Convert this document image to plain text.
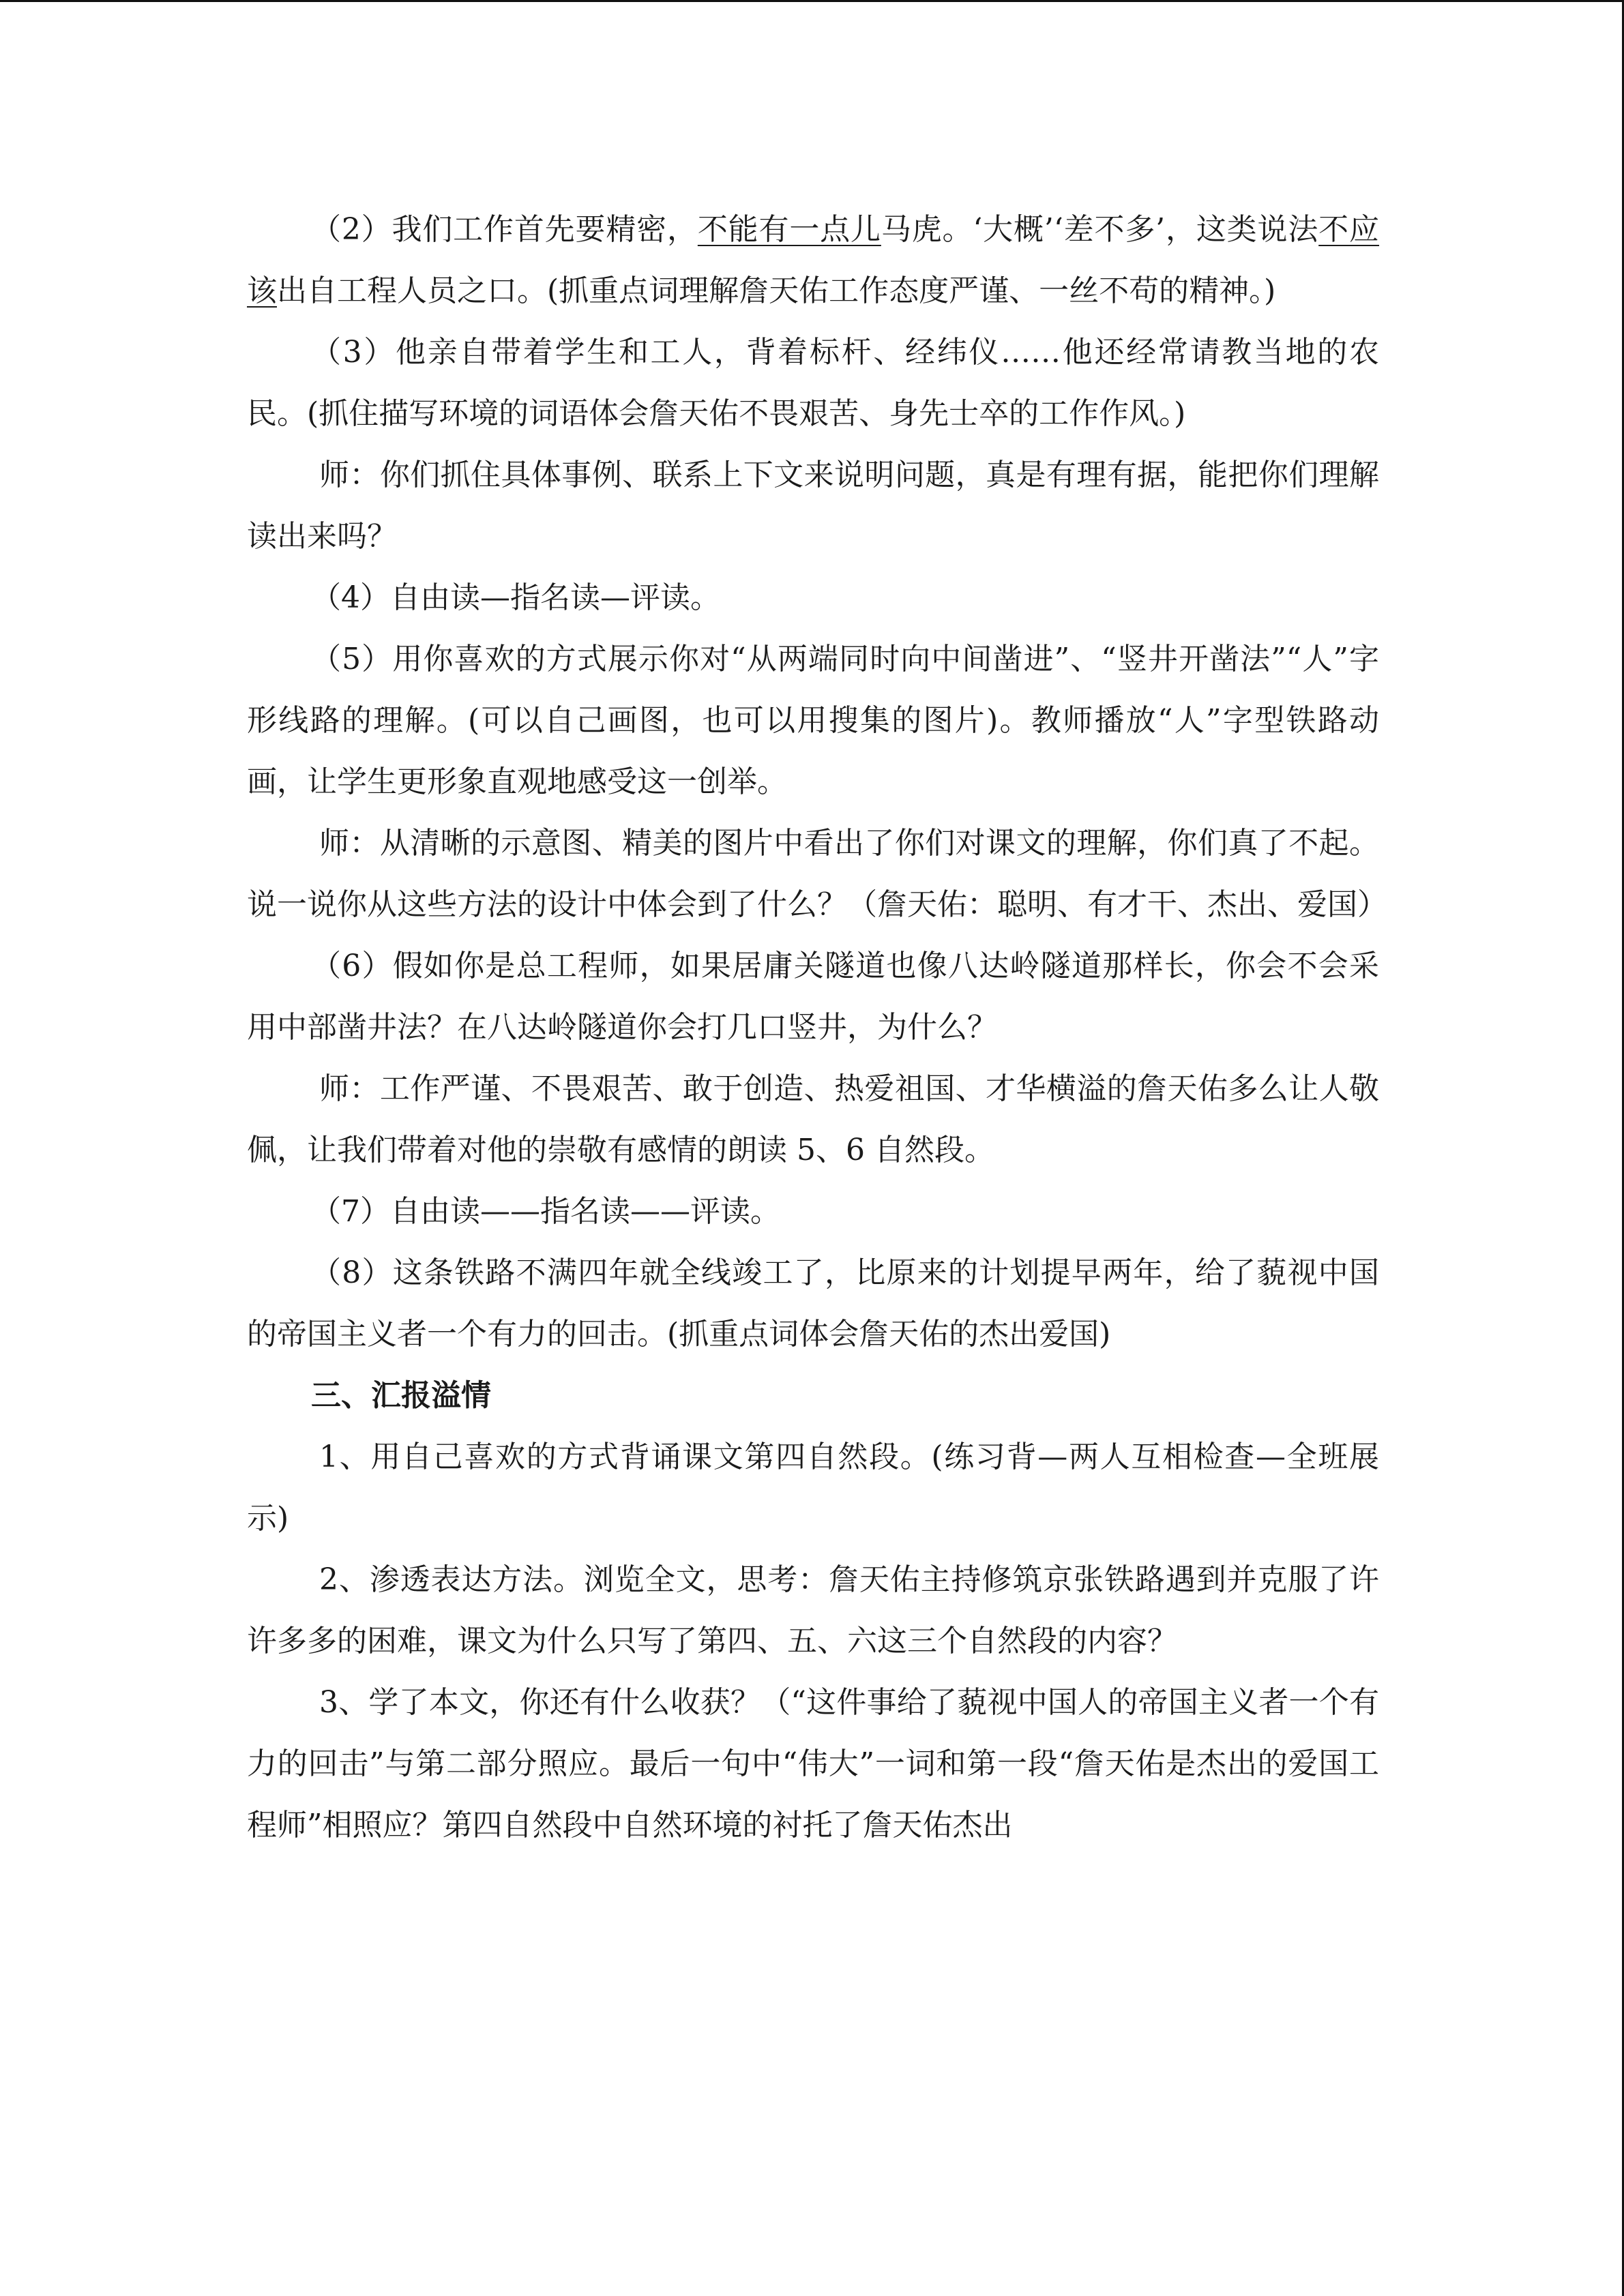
（2）我们工作首先要精密，不能有一点儿马虎。‘大概’‘差不多’，这类说法不应该出自工程人员之口。(抓重点词理解詹天佑工作态度严谨、一丝不苟的精神。)

（3）他亲自带着学生和工人，背着标杆、经纬仪……他还经常请教当地的农民。(抓住描写环境的词语体会詹天佑不畏艰苦、身先士卒的工作作风。)

师：你们抓住具体事例、联系上下文来说明问题，真是有理有据，能把你们理解读出来吗？

（4）自由读—指名读—评读。

（5）用你喜欢的方式展示你对“从两端同时向中间凿进”、“竖井开凿法”“人”字形线路的理解。(可以自己画图，也可以用搜集的图片)。教师播放“人”字型铁路动画，让学生更形象直观地感受这一创举。

师：从清晰的示意图、精美的图片中看出了你们对课文的理解，你们真了不起。说一说你从这些方法的设计中体会到了什么？（詹天佑：聪明、有才干、杰出、爱国）

（6）假如你是总工程师，如果居庸关隧道也像八达岭隧道那样长，你会不会采用中部凿井法？在八达岭隧道你会打几口竖井，为什么？

师：工作严谨、不畏艰苦、敢于创造、热爱祖国、才华横溢的詹天佑多么让人敬佩，让我们带着对他的崇敬有感情的朗读 5、6 自然段。

（7）自由读——指名读——评读。

（8）这条铁路不满四年就全线竣工了，比原来的计划提早两年，给了藐视中国的帝国主义者一个有力的回击。(抓重点词体会詹天佑的杰出爱国)

三、汇报溢情

1、用自己喜欢的方式背诵课文第四自然段。(练习背—两人互相检查—全班展示)

2、渗透表达方法。浏览全文，思考：詹天佑主持修筑京张铁路遇到并克服了许许多多的困难，课文为什么只写了第四、五、六这三个自然段的内容？

3、学了本文，你还有什么收获？（“这件事给了藐视中国人的帝国主义者一个有力的回击”与第二部分照应。最后一句中“伟大”一词和第一段“詹天佑是杰出的爱国工程师”相照应？第四自然段中自然环境的衬托了詹天佑杰出
